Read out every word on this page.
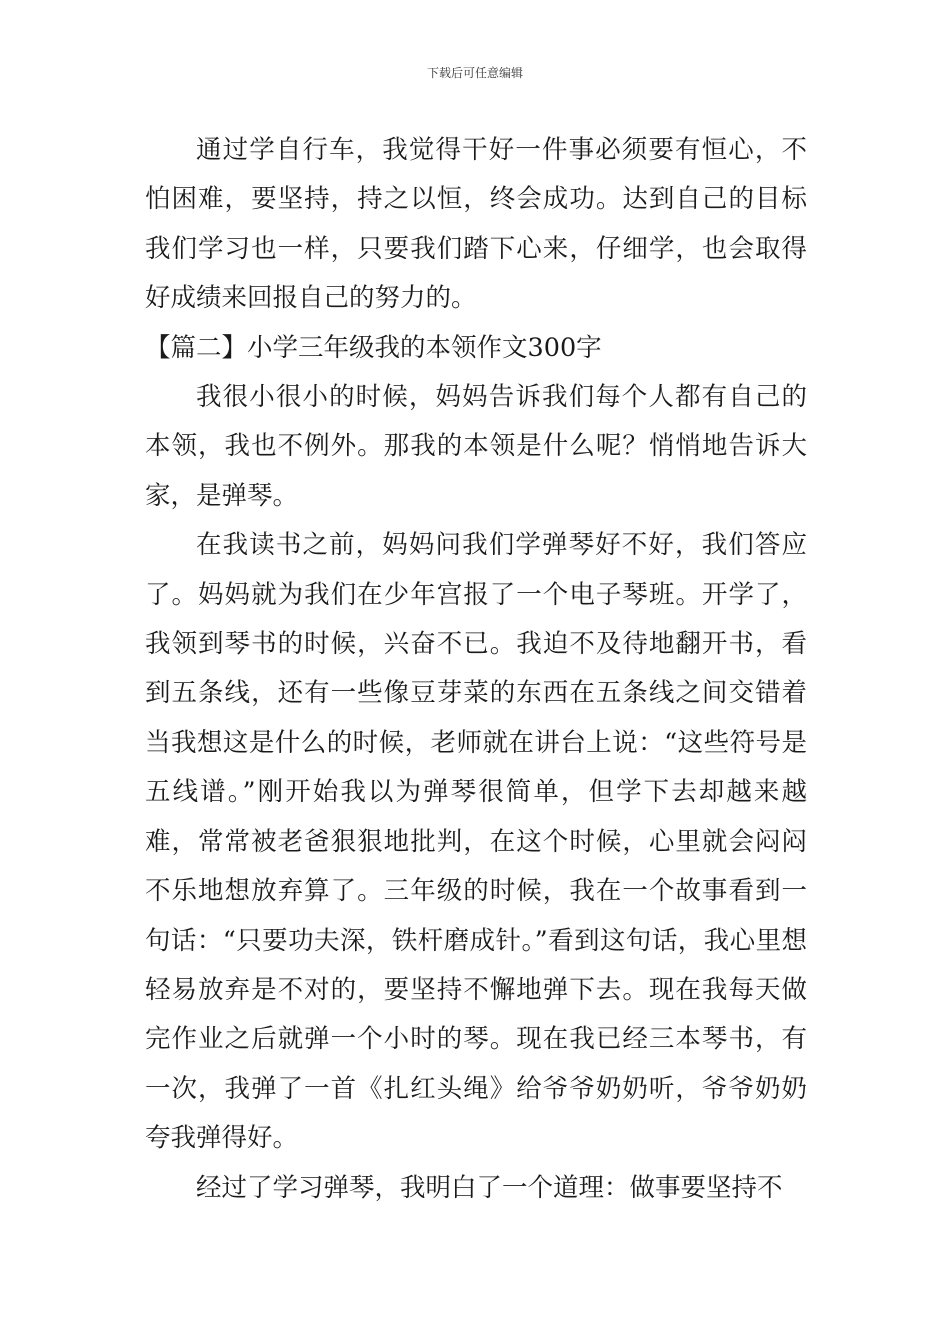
下载后可任意编辑

通过学自行车，我觉得干好一件事必须要有恒心，不怕困难，要坚持，持之以恒，终会成功。达到自己的目标我们学习也一样，只要我们踏下心来，仔细学，也会取得好成绩来回报自己的努力的。

【篇二】小学三年级我的本领作文300字

我很小很小的时候，妈妈告诉我们每个人都有自己的本领，我也不例外。那我的本领是什么呢？悄悄地告诉大家，是弹琴。

在我读书之前，妈妈问我们学弹琴好不好，我们答应了。妈妈就为我们在少年宫报了一个电子琴班。开学了，我领到琴书的时候，兴奋不已。我迫不及待地翻开书，看到五条线，还有一些像豆芽菜的东西在五条线之间交错着当我想这是什么的时候，老师就在讲台上说：“这些符号是五线谱。”刚开始我以为弹琴很简单，但学下去却越来越难，常常被老爸狠狠地批判，在这个时候，心里就会闷闷不乐地想放弃算了。三年级的时候，我在一个故事看到一句话：“只要功夫深，铁杆磨成针。”看到这句话，我心里想轻易放弃是不对的，要坚持不懈地弹下去。现在我每天做完作业之后就弹一个小时的琴。现在我已经三本琴书，有一次，我弹了一首《扎红头绳》给爷爷奶奶听，爷爷奶奶夸我弹得好。

经过了学习弹琴，我明白了一个道理：做事要坚持不
